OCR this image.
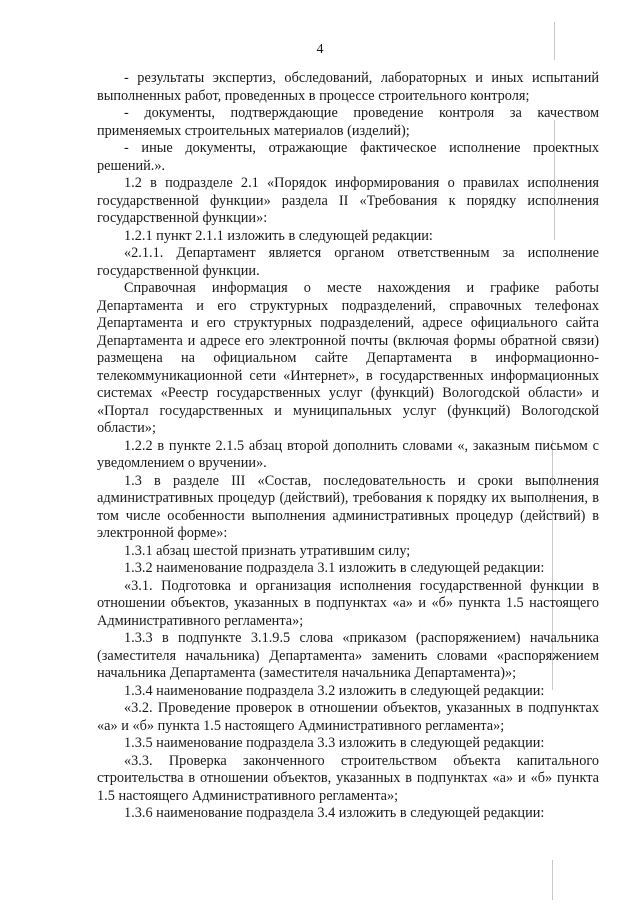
4

- результаты экспертиз, обследований, лабораторных и иных испытаний выполненных работ, проведенных в процессе строительного контроля;

- документы, подтверждающие проведение контроля за качеством применяемых строительных материалов (изделий);

- иные документы, отражающие фактическое исполнение проектных решений.».

1.2 в подразделе 2.1 «Порядок информирования о правилах исполнения государственной функции» раздела II «Требования к порядку исполнения государственной функции»:

1.2.1 пункт 2.1.1 изложить в следующей редакции:

«2.1.1. Департамент является органом ответственным за исполнение государственной функции.

Справочная информация о месте нахождения и графике работы Департамента и его структурных подразделений, справочных телефонах Департамента и его структурных подразделений, адресе официального сайта Департамента и адресе его электронной почты (включая формы обратной связи) размещена на официальном сайте Департамента в информационно-телекоммуникационной сети «Интернет», в государственных информационных системах «Реестр государственных услуг (функций) Вологодской области» и «Портал государственных и муниципальных услуг (функций) Вологодской области»;

1.2.2 в пункте 2.1.5 абзац второй дополнить словами «, заказным письмом с уведомлением о вручении».

1.3 в разделе III «Состав, последовательность и сроки выполнения административных процедур (действий), требования к порядку их выполнения, в том числе особенности выполнения административных процедур (действий) в электронной форме»:

1.3.1 абзац шестой признать утратившим силу;

1.3.2 наименование подраздела 3.1 изложить в следующей редакции:

«3.1. Подготовка и организация исполнения государственной функции в отношении объектов, указанных в подпунктах «а» и «б» пункта 1.5 настоящего Административного регламента»;

1.3.3 в подпункте 3.1.9.5 слова «приказом (распоряжением) начальника (заместителя начальника) Департамента» заменить словами «распоряжением начальника Департамента (заместителя начальника Департамента)»;

1.3.4 наименование подраздела 3.2 изложить в следующей редакции:

«3.2. Проведение проверок в отношении объектов, указанных в подпунктах «а» и «б» пункта 1.5 настоящего Административного регламента»;

1.3.5 наименование подраздела 3.3 изложить в следующей редакции:

«3.3. Проверка законченного строительством объекта капитального строительства в отношении объектов, указанных в подпунктах «а» и «б» пункта 1.5 настоящего Административного регламента»;

1.3.6 наименование подраздела 3.4 изложить в следующей редакции:
